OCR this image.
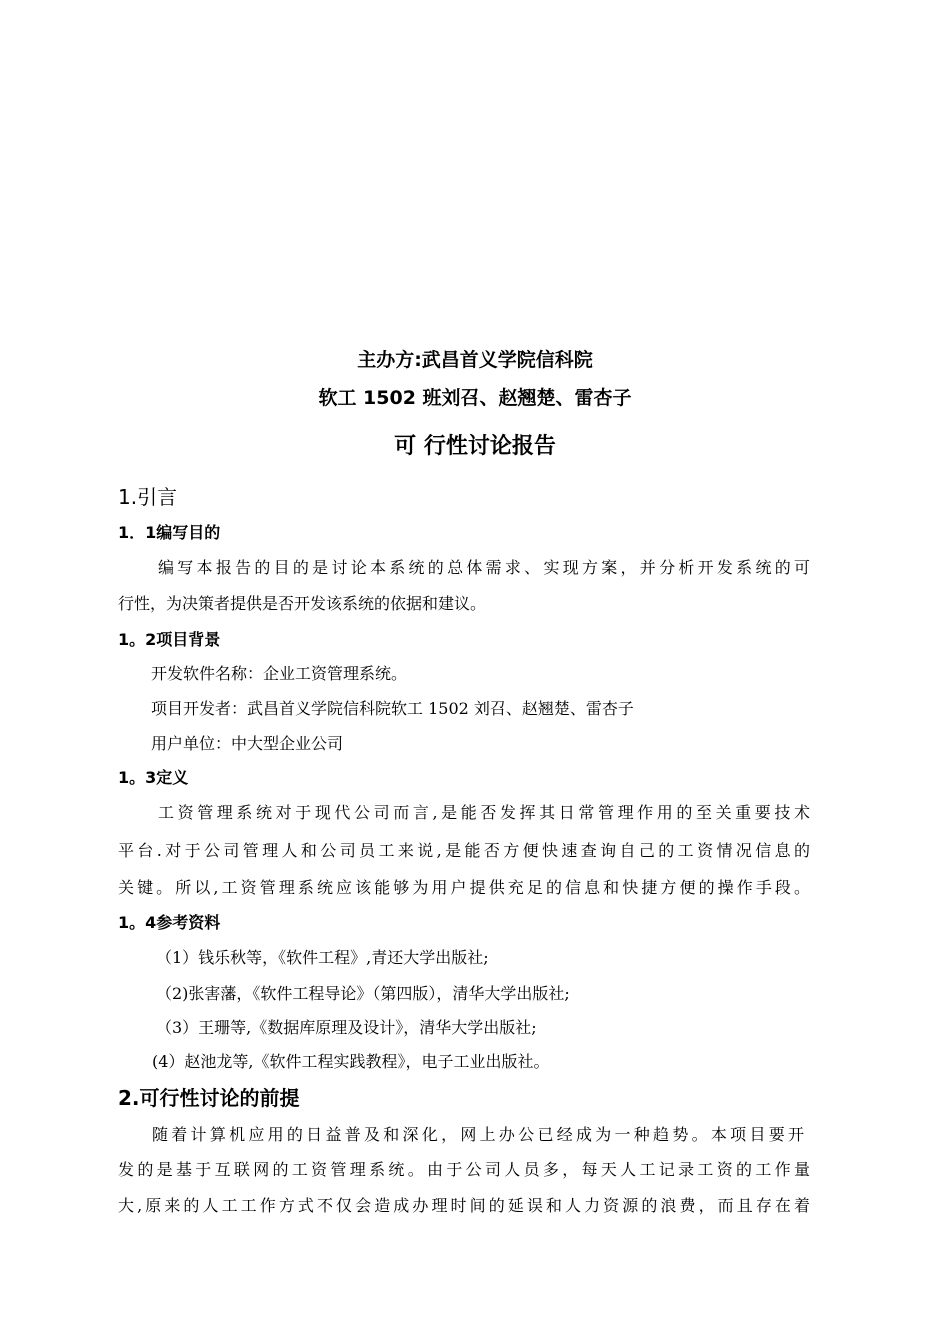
主办方:武昌首义学院信科院

软工 1502 班刘召、赵翘楚、雷杏子

可 行性讨论报告

1.引言

1．1编写目的

编写本报告的目的是讨论本系统的总体需求、实现方案，并分析开发系统的可

行性，为决策者提供是否开发该系统的依据和建议。

1。2项目背景

开发软件名称：企业工资管理系统。

项目开发者：武昌首义学院信科院软工 1502 刘召、赵翘楚、雷杏子

用户单位：中大型企业公司

1。3定义

工资管理系统对于现代公司而言,是能否发挥其日常管理作用的至关重要技术

平台.对于公司管理人和公司员工来说,是能否方便快速查询自己的工资情况信息的

关键。所以,工资管理系统应该能够为用户提供充足的信息和快捷方便的操作手段。

1。4参考资料

（1）钱乐秋等，《软件工程》,青还大学出版社;

（2)张害藩，《软件工程导论》（第四版），清华大学出版社;

（3）王珊等,《数据库原理及设计》，清华大学出版社;

(4）赵池龙等,《软件工程实践教程》，电子工业出版社。

2.可行性讨论的前提

随着计算机应用的日益普及和深化，网上办公已经成为一种趋势。本项目要开

发的是基于互联网的工资管理系统。由于公司人员多，每天人工记录工资的工作量

大,原来的人工工作方式不仅会造成办理时间的延误和人力资源的浪费，而且存在着
